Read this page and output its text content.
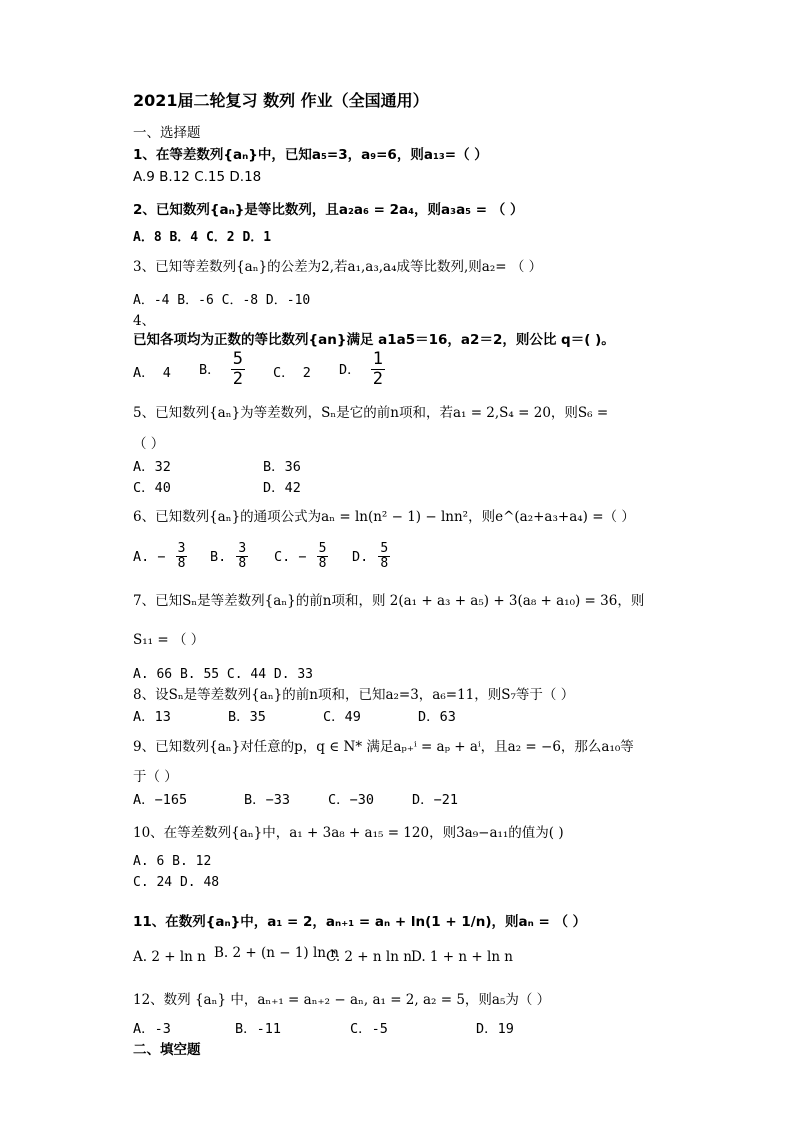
2021届二轮复习 数列 作业（全国通用）
一、选择题
1、在等差数列{aₙ}中，已知a₅=3，a₉=6，则a₁₃=（ ）
A.9 B.12 C.15 D.18
2、已知数列{aₙ}是等比数列，且a₂a₆ = 2a₄，则a₃a₅ = （ ）
A．8 B．4 C．2 D．1
3、已知等差数列{aₙ}的公差为2,若a₁,a₃,a₄成等比数列,则a₂= （ ）
A．-4 B．-6 C．-8 D．-10
4、
已知各项均为正数的等比数列{an}满足 a1a5＝16，a2＝2，则公比 q＝( )。
A． 4 B． $\frac{5}{2}$ C． 2 D． $\frac{1}{2}$
5、已知数列{aₙ}为等差数列，Sₙ是它的前n项和，若a₁ = 2,S₄ = 20，则S₆ =
（ ）
A．32	B．36
C．40	D．42
6、已知数列{aₙ}的通项公式为aₙ = ln(n² − 1) − lnn²，则e^(a₂+a₃+a₄) =（ ）
A. − $\frac{3}{8} B$. $\frac{3}{8} C$. − $\frac{5}{8} D$. $\frac{5}{8}$
7、已知Sₙ是等差数列{aₙ}的前n项和，则 2(a₁ + a₃ + a₅) + 3(a₈ + a₁₀) = 36，则
S₁₁ = （ ）
A. 66 B. 55 C. 44 D. 33
8、设Sₙ是等差数列{aₙ}的前n项和，已知a₂=3，a₆=11，则S₇等于（ ）
A．13	B．35	C．49	D．63
9、已知数列{aₙ}对任意的p，q ∈ N* 满足aₚ₊ⁱ = aₚ + aⁱ，且a₂ = −6，那么a₁₀等
于（ ）
A．−165	B．−33	C．−30	D．−21
10、在等差数列{aₙ}中，a₁ + 3a₈ + a₁₅ = 120，则3a₉−a₁₁的值为( )
A. 6 B. 12
C. 24 D. 48
11、在数列{aₙ}中，a₁ = 2，aₙ₊₁ = aₙ + ln(1 + 1/n)，则aₙ = （ ）
A. 2 + ln n B. 2 + (n − 1) ln n
C. 2 + n ln n D. 1 + n + ln n
12、数列 {aₙ} 中，aₙ₊₁ = aₙ₊₂ − aₙ, a₁ = 2, a₂ = 5，则a₅为（ ）
A．-3	B．-11	C．-5	D．19
二、填空题
